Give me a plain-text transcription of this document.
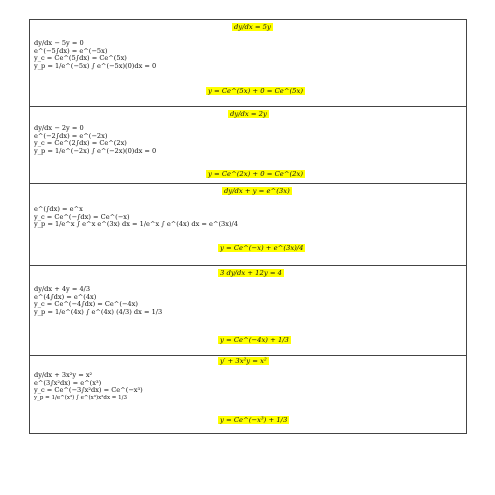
dy/dx = 5y
dy/dx − 5y = 0
e^(−5∫dx) = e^(−5x)
y_c = Ce^(5∫dx) = Ce^(5x)
y_p = 1/e^(−5x) ∫ e^(−5x)(0)dx = 0
y = Ce^(5x) + 0 = Ce^(5x)
dy/dx = 2y
dy/dx − 2y = 0
e^(−2∫dx) = e^(−2x)
y_c = Ce^(2∫dx) = Ce^(2x)
y_p = 1/e^(−2x) ∫ e^(−2x)(0)dx = 0
y = Ce^(2x) + 0 = Ce^(2x)
dy/dx + y = e^(3x)
e^(∫dx) = e^x
y_c = Ce^(−∫dx) = Ce^(−x)
y_p = 1/e^x ∫ e^x e^(3x) dx = 1/e^x ∫ e^(4x) dx = e^(3x)/4
y = Ce^(−x) + e^(3x)/4
3 dy/dx + 12y = 4
dy/dx + 4y = 4/3
e^(4∫dx) = e^(4x)
y_c = Ce^(−4∫dx) = Ce^(−4x)
y_p = 1/e^(4x) ∫ e^(4x) (4/3) dx = 1/3
y = Ce^(−4x) + 1/3
y′ + 3x²y = x²
dy/dx + 3x²y = x²
e^(3∫x²dx) = e^(x³)
y_c = Ce^(−3∫x²dx) = Ce^(−x³)
y_p = 1/e^(x³) ∫ e^(x³)x²dx = 1/3
y = Ce^(−x³) + 1/3
